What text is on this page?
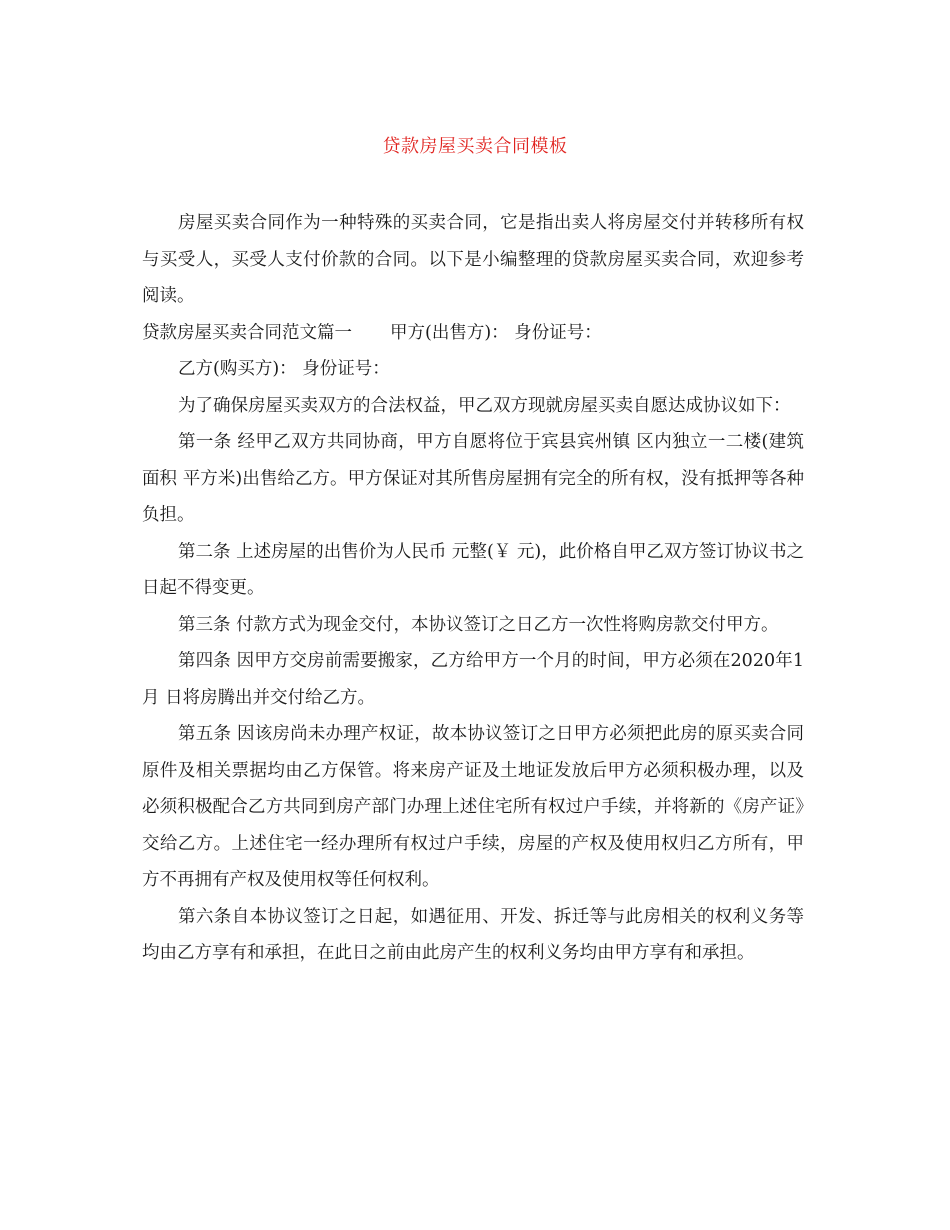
贷款房屋买卖合同模板

房屋买卖合同作为一种特殊的买卖合同，它是指出卖人将房屋交付并转移所有权与买受人，买受人支付价款的合同。以下是小编整理的贷款房屋买卖合同，欢迎参考阅读。

贷款房屋买卖合同范文篇一 甲方(出售方)： 身份证号：

乙方(购买方)： 身份证号：

为了确保房屋买卖双方的合法权益，甲乙双方现就房屋买卖自愿达成协议如下：

第一条 经甲乙双方共同协商，甲方自愿将位于宾县宾州镇 区内独立一二楼(建筑面积 平方米)出售给乙方。甲方保证对其所售房屋拥有完全的所有权，没有抵押等各种负担。

第二条 上述房屋的出售价为人民币 元整(￥ 元)，此价格自甲乙双方签订协议书之日起不得变更。

第三条 付款方式为现金交付，本协议签订之日乙方一次性将购房款交付甲方。

第四条 因甲方交房前需要搬家，乙方给甲方一个月的时间，甲方必须在2020年1月 日将房腾出并交付给乙方。

第五条 因该房尚未办理产权证，故本协议签订之日甲方必须把此房的原买卖合同原件及相关票据均由乙方保管。将来房产证及土地证发放后甲方必须积极办理，以及必须积极配合乙方共同到房产部门办理上述住宅所有权过户手续，并将新的《房产证》交给乙方。上述住宅一经办理所有权过户手续，房屋的产权及使用权归乙方所有，甲方不再拥有产权及使用权等任何权利。

第六条自本协议签订之日起，如遇征用、开发、拆迁等与此房相关的权利义务等均由乙方享有和承担，在此日之前由此房产生的权利义务均由甲方享有和承担。
